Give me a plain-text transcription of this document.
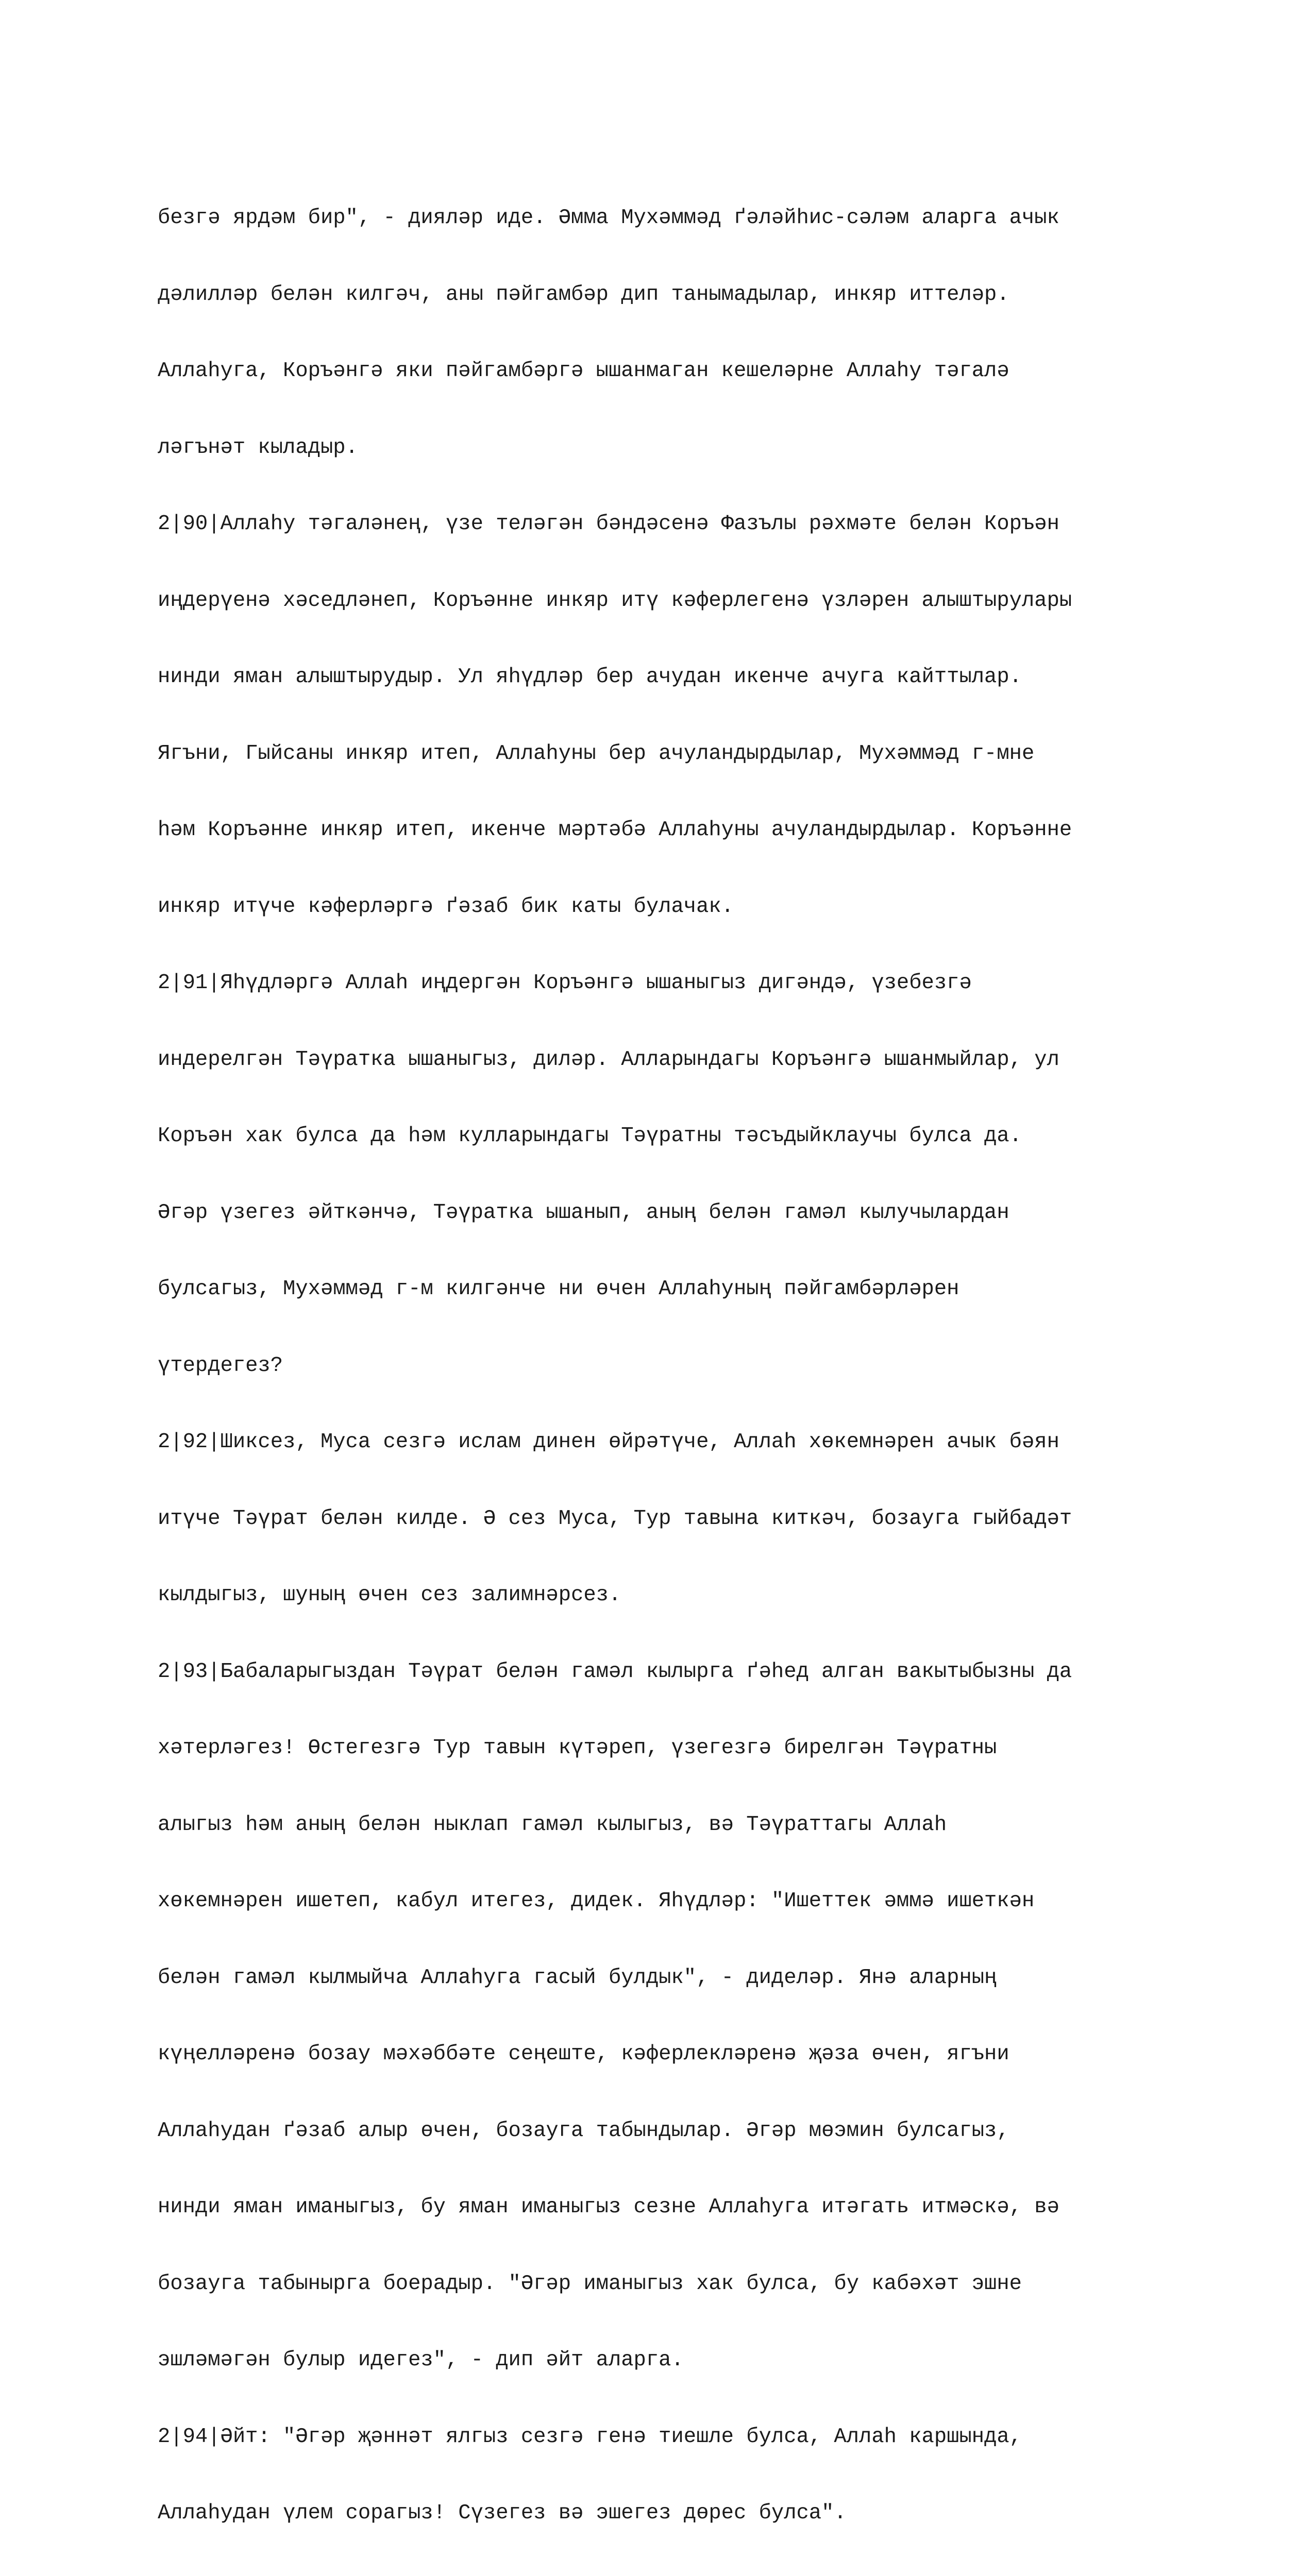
безгә ярдәм бир", - дияләр иде. Әмма Мухәммәд ґәләйһис-сәләм аларга ачык

дәлилләр белән килгәч, аны пәйгамбәр дип танымадылар, инкяр иттеләр.

Аллаһуга, Коръәнгә яки пәйгамбәргә ышанмаган кешеләрне Аллаһу тәгалә

ләгънәт кыладыр.

2|90|Аллаһу тәгаләнең, үзе теләгән бәндәсенә Фазълы рәхмәте белән Коръән

иңдерүенә хәседләнеп, Коръәнне инкяр итү кәферлегенә үзләрен алыштырулары

нинди яман алыштырудыр. Ул яһүдләр бер ачудан икенче ачуга кайттылар.

Ягъни, Гыйсаны инкяр итеп, Аллаһуны бер ачуландырдылар, Мухәммәд г-мне

һәм Коръәнне инкяр итеп, икенче мәртәбә Аллаһуны ачуландырдылар. Коръәнне

инкяр итүче кәферләргә ґәзаб бик каты булачак.

2|91|Яһүдләргә Аллаһ иңдергән Коръәнгә ышаныгыз дигәндә, үзебезгә

индерелгән Тәүратка ышаныгыз, диләр. Алларындагы Коръәнгә ышанмыйлар, ул

Коръән хак булса да һәм кулларындагы Тәүратны тәсъдыйклаучы булса да.

Әгәр үзегез әйткәнчә, Тәүратка ышанып, аның белән гамәл кылучылардан

булсагыз, Мухәммәд г-м килгәнче ни өчен Аллаһуның пәйгамбәрләрен

үтердегез?

2|92|Шиксез, Муса сезгә ислам динен өйрәтүче, Аллаһ хөкемнәрен ачык бәян

итүче Тәүрат белән килде. Ә сез Муса, Тур тавына киткәч, бозауга гыйбадәт

кылдыгыз, шуның өчен сез залимнәрсез.

2|93|Бабаларыгыздан Тәүрат белән гамәл кылырга ґәһед алган вакытыбызны да

хәтерләгез! Өстегезгә Тур тавын күтәреп, үзегезгә бирелгән Тәүратны

алыгыз һәм аның белән ныклап гамәл кылыгыз, вә Тәүраттагы Аллаһ

хөкемнәрен ишетеп, кабул итегез, дидек. Яһүдләр: "Ишеттек әммә ишеткән

белән гамәл кылмыйча Аллаһуга гасый булдык", - диделәр. Янә аларның

күңелләренә бозау мәхәббәте сеңеште, кәферлекләренә җәза өчен, ягъни

Аллаһудан ґәзаб алыр өчен, бозауга табындылар. Әгәр мөэмин булсагыз,

нинди яман иманыгыз, бу яман иманыгыз сезне Аллаһуга итәгать итмәскә, вә

бозауга табынырга боерадыр. "Әгәр иманыгыз хак булса, бу кабәхәт эшне

эшләмәгән булыр идегез", - дип әйт аларга.

2|94|Әйт: "Әгәр җәннәт ялгыз сезгә генә тиешле булса, Аллаһ каршында,

Аллаһудан үлем сорагыз! Сүзегез вә эшегез дөрес булса".
